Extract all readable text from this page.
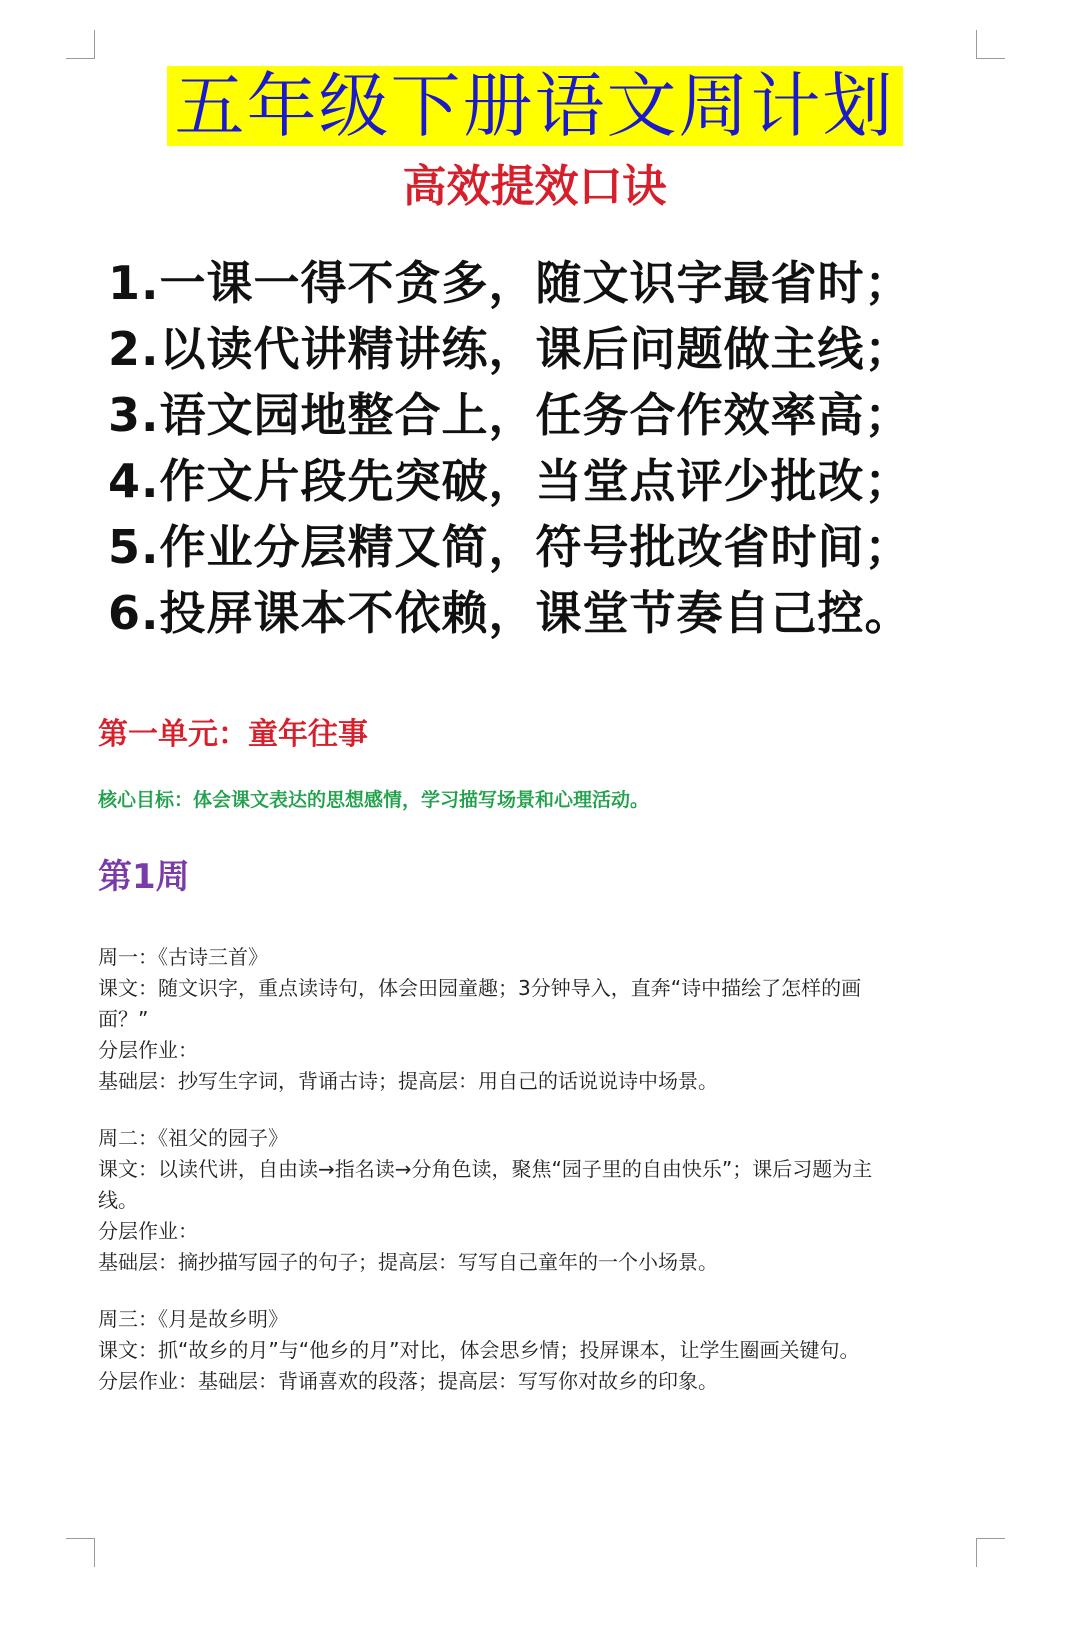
五年级下册语文周计划
高效提效口诀
1.一课一得不贪多，随文识字最省时；
2.以读代讲精讲练，课后问题做主线；
3.语文园地整合上，任务合作效率高；
4.作文片段先突破，当堂点评少批改；
5.作业分层精又简，符号批改省时间；
6.投屏课本不依赖，课堂节奏自己控。
第一单元：童年往事
核心目标：体会课文表达的思想感情，学习描写场景和心理活动。
第1周
周一：《古诗三首》
课文：随文识字，重点读诗句，体会田园童趣；3分钟导入，直奔“诗中描绘了怎样的画
面？”
分层作业：
基础层：抄写生字词，背诵古诗；提高层：用自己的话说说诗中场景。
周二：《祖父的园子》
课文：以读代讲，自由读→指名读→分角色读，聚焦“园子里的自由快乐”；课后习题为主
线。
分层作业：
基础层：摘抄描写园子的句子；提高层：写写自己童年的一个小场景。
周三：《月是故乡明》
课文：抓“故乡的月”与“他乡的月”对比，体会思乡情；投屏课本，让学生圈画关键句。
分层作业：基础层：背诵喜欢的段落；提高层：写写你对故乡的印象。
